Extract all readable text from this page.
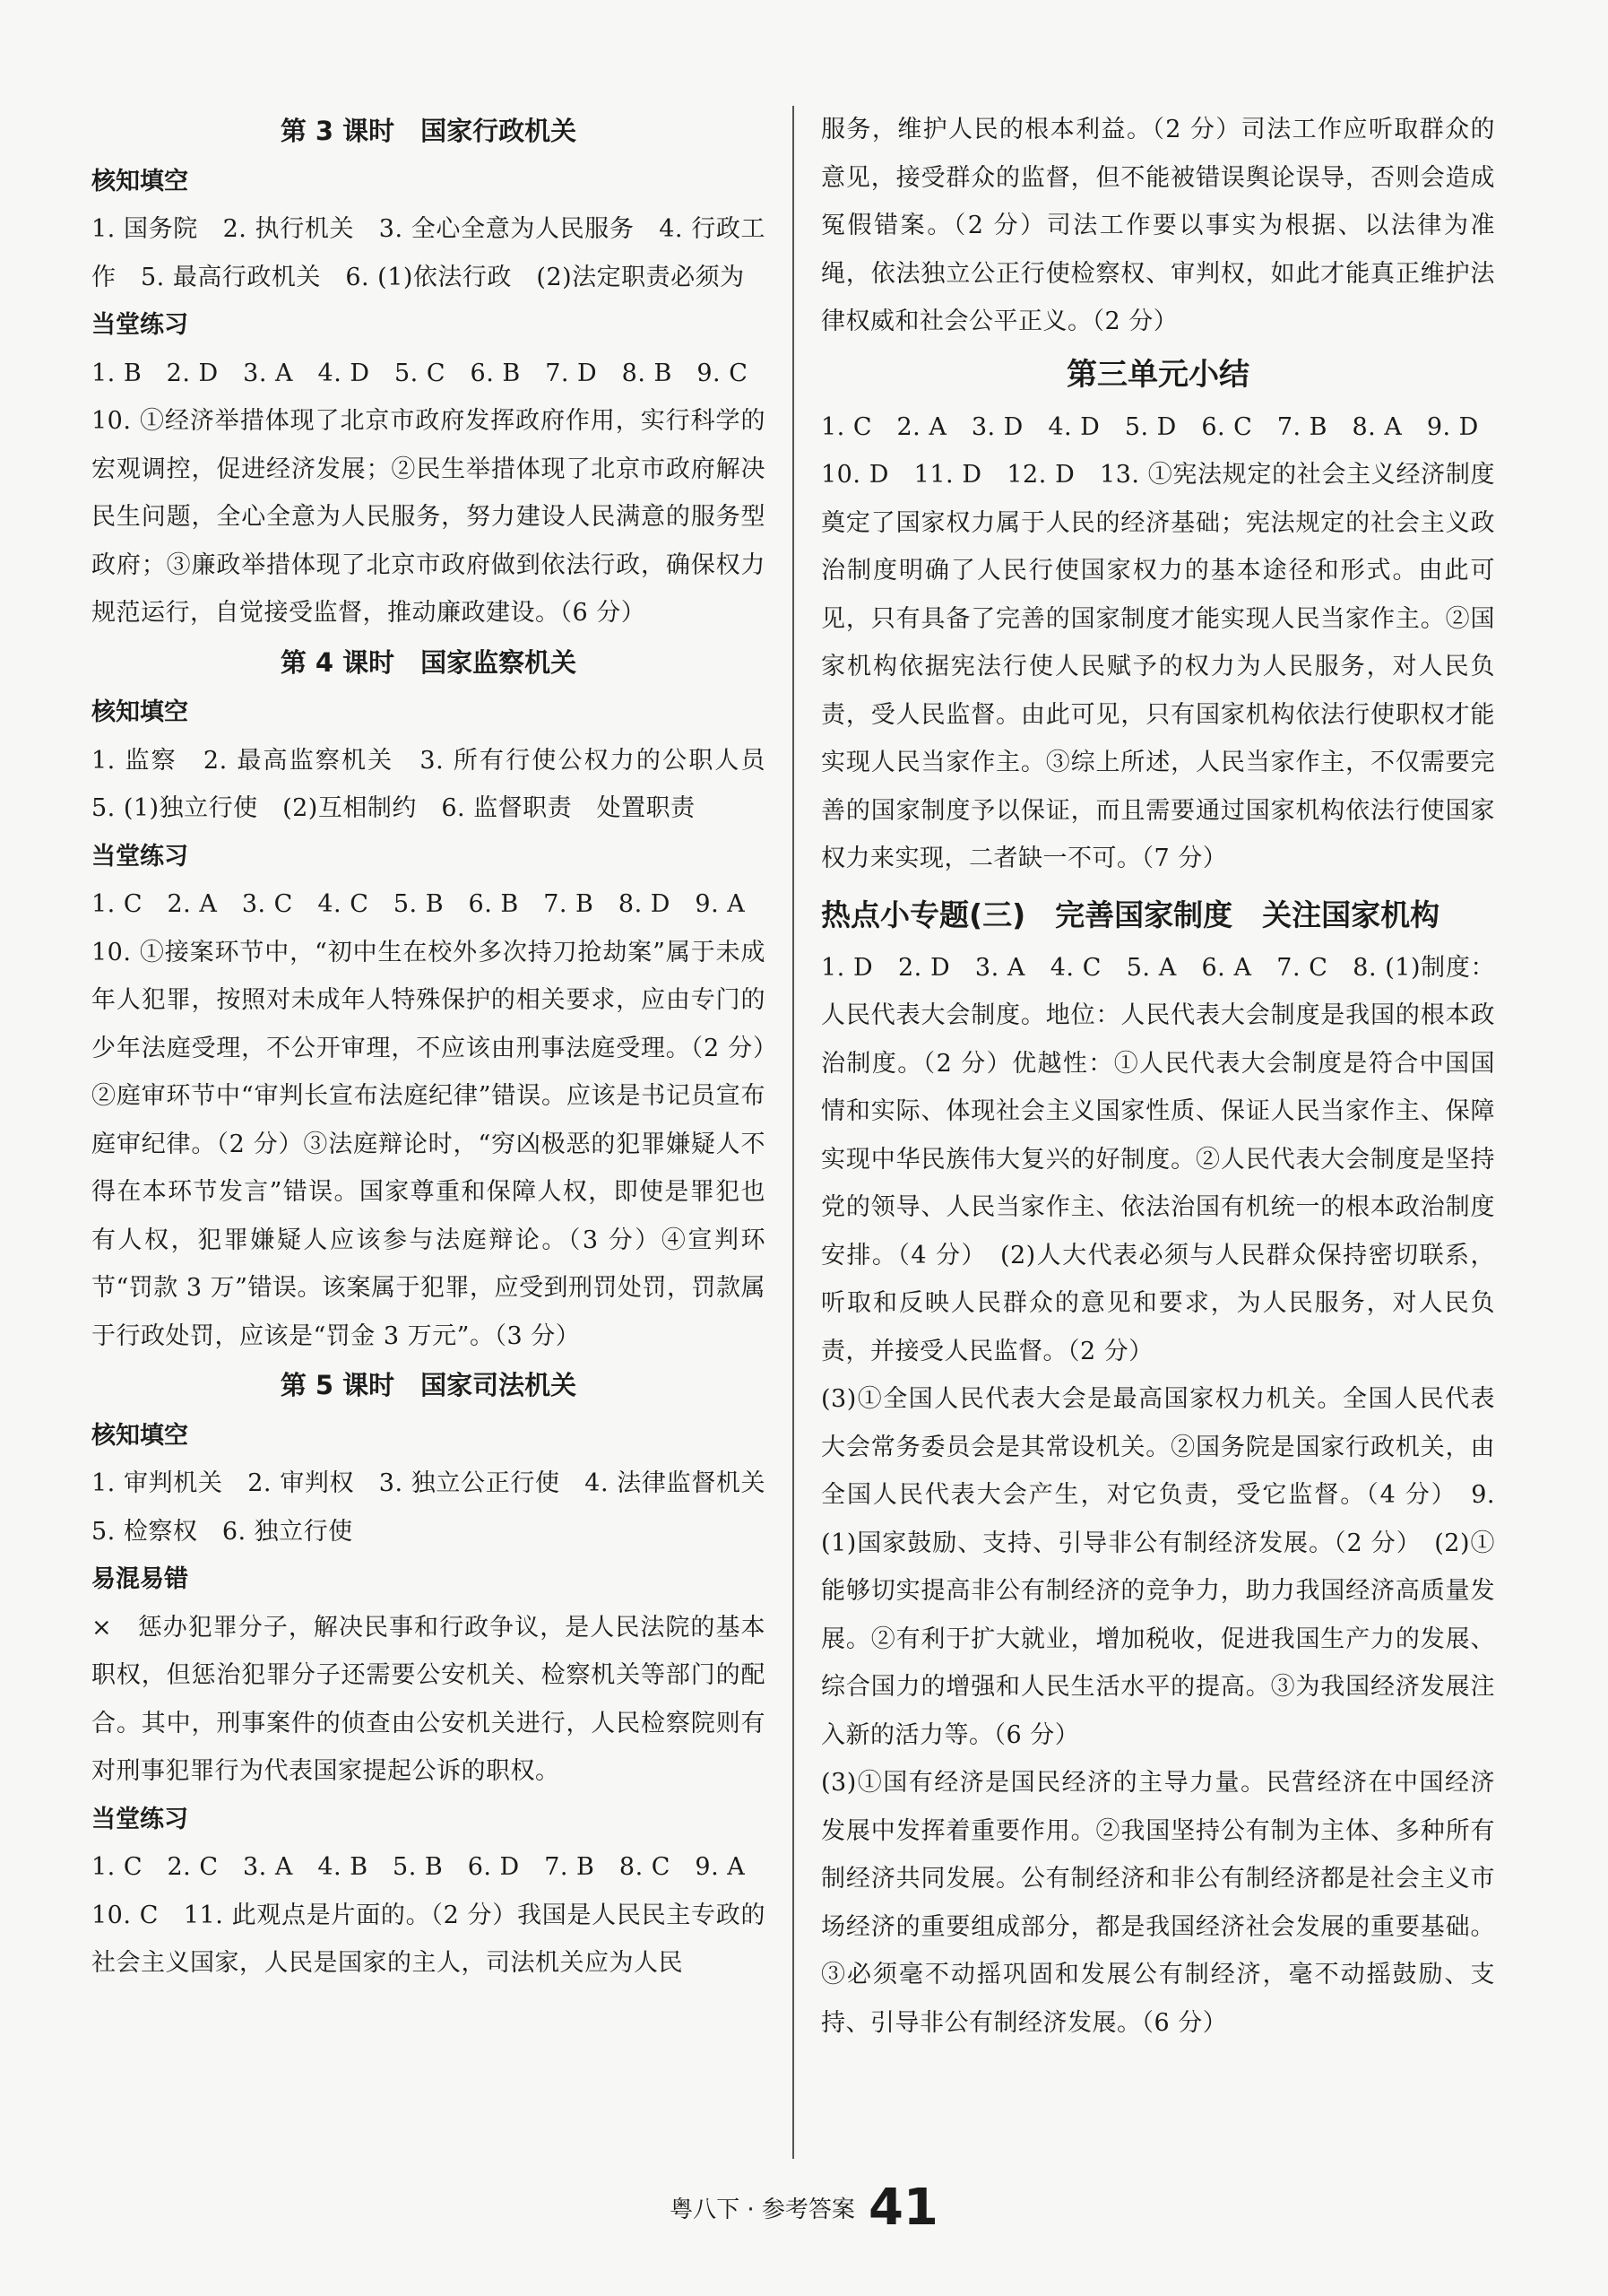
第 3 课时　国家行政机关
核知填空

1. 国务院　2. 执行机关　3. 全心全意为人民服务　4. 行政工作　5. 最高行政机关　6. (1)依法行政　(2)法定职责必须为

当堂练习

1. B　2. D　3. A　4. D　5. C　6. B　7. D　8. B　9. C

10. ①经济举措体现了北京市政府发挥政府作用，实行科学的宏观调控，促进经济发展；②民生举措体现了北京市政府解决民生问题，全心全意为人民服务，努力建设人民满意的服务型政府；③廉政举措体现了北京市政府做到依法行政，确保权力规范运行，自觉接受监督，推动廉政建设。（6 分）

第 4 课时　国家监察机关
核知填空

1. 监察　2. 最高监察机关　3. 所有行使公权力的公职人员　5. (1)独立行使　(2)互相制约　6. 监督职责　处置职责

当堂练习

1. C　2. A　3. C　4. C　5. B　6. B　7. B　8. D　9. A

10. ①接案环节中，“初中生在校外多次持刀抢劫案”属于未成年人犯罪，按照对未成年人特殊保护的相关要求，应由专门的少年法庭受理，不公开审理，不应该由刑事法庭受理。（2 分）②庭审环节中“审判长宣布法庭纪律”错误。应该是书记员宣布庭审纪律。（2 分）③法庭辩论时，“穷凶极恶的犯罪嫌疑人不得在本环节发言”错误。国家尊重和保障人权，即使是罪犯也有人权，犯罪嫌疑人应该参与法庭辩论。（3 分）④宣判环节“罚款 3 万”错误。该案属于犯罪，应受到刑罚处罚，罚款属于行政处罚，应该是“罚金 3 万元”。（3 分）

第 5 课时　国家司法机关
核知填空

1. 审判机关　2. 审判权　3. 独立公正行使　4. 法律监督机关　5. 检察权　6. 独立行使

易混易错

×　惩办犯罪分子，解决民事和行政争议，是人民法院的基本职权，但惩治犯罪分子还需要公安机关、检察机关等部门的配合。其中，刑事案件的侦查由公安机关进行，人民检察院则有对刑事犯罪行为代表国家提起公诉的职权。

当堂练习

1. C　2. C　3. A　4. B　5. B　6. D　7. B　8. C　9. A

10. C　11. 此观点是片面的。（2 分）我国是人民民主专政的社会主义国家，人民是国家的主人，司法机关应为人民

服务，维护人民的根本利益。（2 分）司法工作应听取群众的意见，接受群众的监督，但不能被错误舆论误导，否则会造成冤假错案。（2 分）司法工作要以事实为根据、以法律为准绳，依法独立公正行使检察权、审判权，如此才能真正维护法律权威和社会公平正义。（2 分）

第三单元小结

1. C　2. A　3. D　4. D　5. D　6. C　7. B　8. A　9. D

10. D　11. D　12. D　13. ①宪法规定的社会主义经济制度奠定了国家权力属于人民的经济基础；宪法规定的社会主义政治制度明确了人民行使国家权力的基本途径和形式。由此可见，只有具备了完善的国家制度才能实现人民当家作主。②国家机构依据宪法行使人民赋予的权力为人民服务，对人民负责，受人民监督。由此可见，只有国家机构依法行使职权才能实现人民当家作主。③综上所述，人民当家作主，不仅需要完善的国家制度予以保证，而且需要通过国家机构依法行使国家权力来实现，二者缺一不可。（7 分）

热点小专题(三)　完善国家制度　关注国家机构

1. D　2. D　3. A　4. C　5. A　6. A　7. C　8. (1)制度：人民代表大会制度。地位：人民代表大会制度是我国的根本政治制度。（2 分）优越性：①人民代表大会制度是符合中国国情和实际、体现社会主义国家性质、保证人民当家作主、保障实现中华民族伟大复兴的好制度。②人民代表大会制度是坚持党的领导、人民当家作主、依法治国有机统一的根本政治制度安排。（4 分）　(2)人大代表必须与人民群众保持密切联系，听取和反映人民群众的意见和要求，为人民服务，对人民负责，并接受人民监督。（2 分）

(3)①全国人民代表大会是最高国家权力机关。全国人民代表大会常务委员会是其常设机关。②国务院是国家行政机关，由全国人民代表大会产生，对它负责，受它监督。（4 分）　9. (1)国家鼓励、支持、引导非公有制经济发展。（2 分）　(2)①能够切实提高非公有制经济的竞争力，助力我国经济高质量发展。②有利于扩大就业，增加税收，促进我国生产力的发展、综合国力的增强和人民生活水平的提高。③为我国经济发展注入新的活力等。（6 分）

(3)①国有经济是国民经济的主导力量。民营经济在中国经济发展中发挥着重要作用。②我国坚持公有制为主体、多种所有制经济共同发展。公有制经济和非公有制经济都是社会主义市场经济的重要组成部分，都是我国经济社会发展的重要基础。③必须毫不动摇巩固和发展公有制经济，毫不动摇鼓励、支持、引导非公有制经济发展。（6 分）

粤八下 · 参考答案 41
